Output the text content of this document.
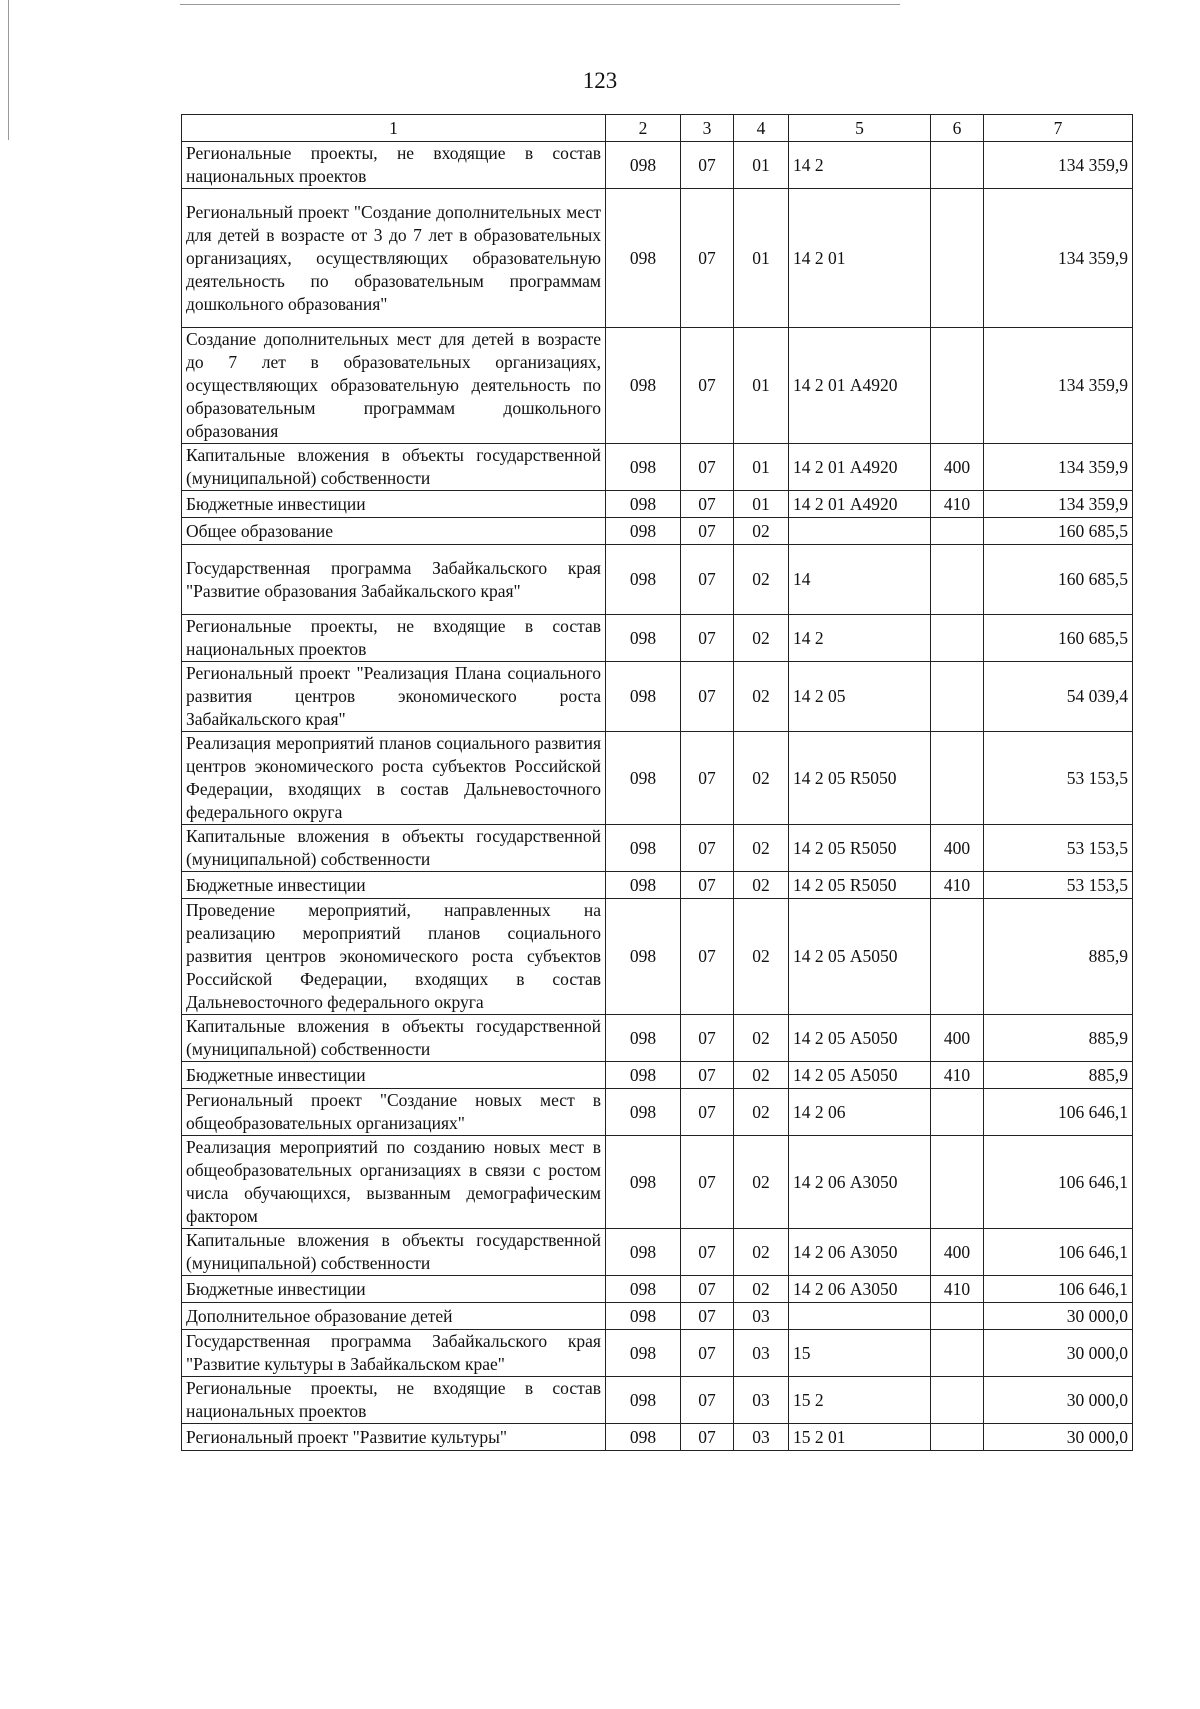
123
1	2	3	4	5	6	7
Региональные проекты, не входящие в состав национальных проектов	098	07	01	14 2		134 359,9
Региональный проект "Создание дополнительных мест для детей в возрасте от 3 до 7 лет в образовательных организациях, осуществляющих образовательную деятельность по образовательным программам дошкольного образования"	098	07	01	14 2 01		134 359,9
Создание дополнительных мест для детей в возрасте до 7 лет в образовательных организациях, осуществляющих образовательную деятельность по образовательным программам дошкольного образования	098	07	01	14 2 01 А4920		134 359,9
Капитальные вложения в объекты государственной (муниципальной) собственности	098	07	01	14 2 01 А4920	400	134 359,9
Бюджетные инвестиции	098	07	01	14 2 01 А4920	410	134 359,9
Общее образование	098	07	02			160 685,5
Государственная программа Забайкальского края "Развитие образования Забайкальского края"	098	07	02	14		160 685,5
Региональные проекты, не входящие в состав национальных проектов	098	07	02	14 2		160 685,5
Региональный проект "Реализация Плана социального развития центров экономического роста Забайкальского края"	098	07	02	14 2 05		54 039,4
Реализация мероприятий планов социального развития центров экономического роста субъектов Российской Федерации, входящих в состав Дальневосточного федерального округа	098	07	02	14 2 05 R5050		53 153,5
Капитальные вложения в объекты государственной (муниципальной) собственности	098	07	02	14 2 05 R5050	400	53 153,5
Бюджетные инвестиции	098	07	02	14 2 05 R5050	410	53 153,5
Проведение мероприятий, направленных на реализацию мероприятий планов социального развития центров экономического роста субъектов Российской Федерации, входящих в состав Дальневосточного федерального округа	098	07	02	14 2 05 А5050		885,9
Капитальные вложения в объекты государственной (муниципальной) собственности	098	07	02	14 2 05 А5050	400	885,9
Бюджетные инвестиции	098	07	02	14 2 05 А5050	410	885,9
Региональный проект "Создание новых мест в общеобразовательных организациях"	098	07	02	14 2 06		106 646,1
Реализация мероприятий по созданию новых мест в общеобразовательных организациях в связи с ростом числа обучающихся, вызванным демографическим фактором	098	07	02	14 2 06 А3050		106 646,1
Капитальные вложения в объекты государственной (муниципальной) собственности	098	07	02	14 2 06 А3050	400	106 646,1
Бюджетные инвестиции	098	07	02	14 2 06 А3050	410	106 646,1
Дополнительное образование детей	098	07	03			30 000,0
Государственная программа Забайкальского края "Развитие культуры в Забайкальском крае"	098	07	03	15		30 000,0
Региональные проекты, не входящие в состав национальных проектов	098	07	03	15 2		30 000,0
Региональный проект "Развитие культуры"	098	07	03	15 2 01		30 000,0
